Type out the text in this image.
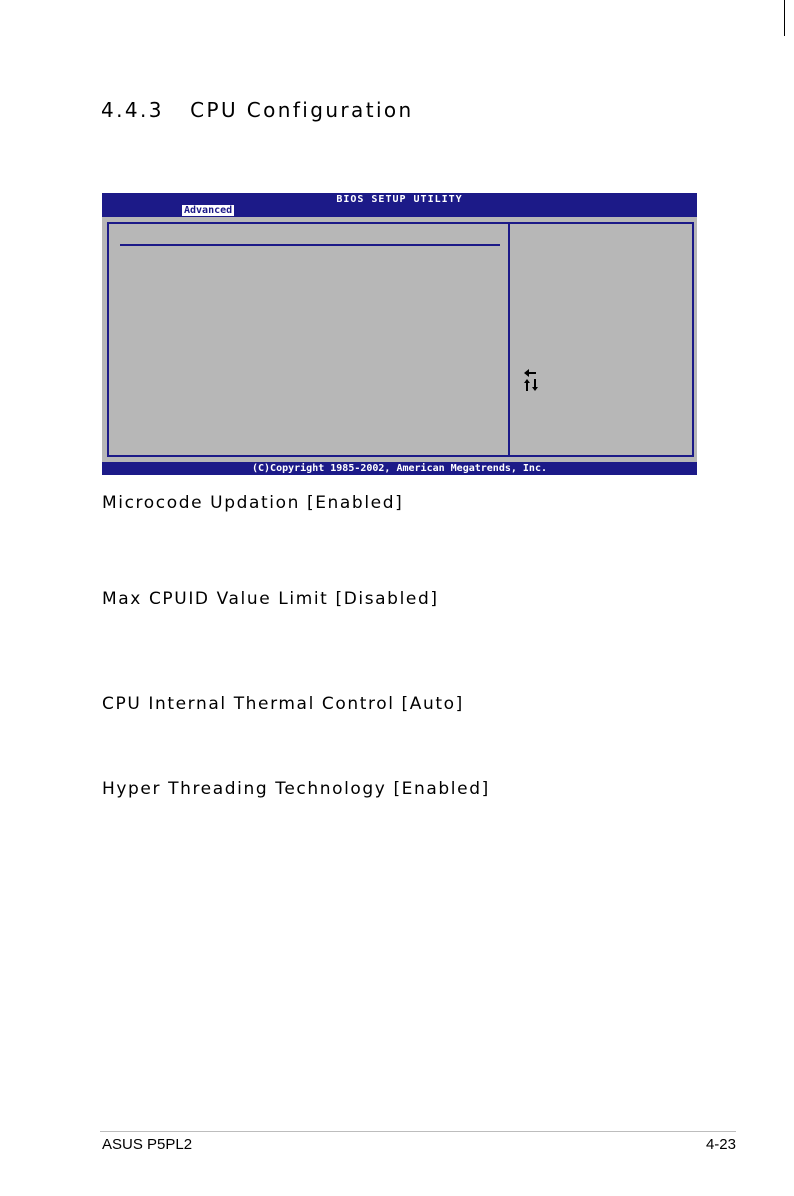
4.4.3   CPU Configuration
BIOS SETUP UTILITY
Advanced
(C)Copyright 1985-2002, American Megatrends, Inc.
Microcode Updation [Enabled]
Max CPUID Value Limit [Disabled]
CPU Internal Thermal Control [Auto]
Hyper Threading Technology [Enabled]
ASUS P5PL2	4-23
